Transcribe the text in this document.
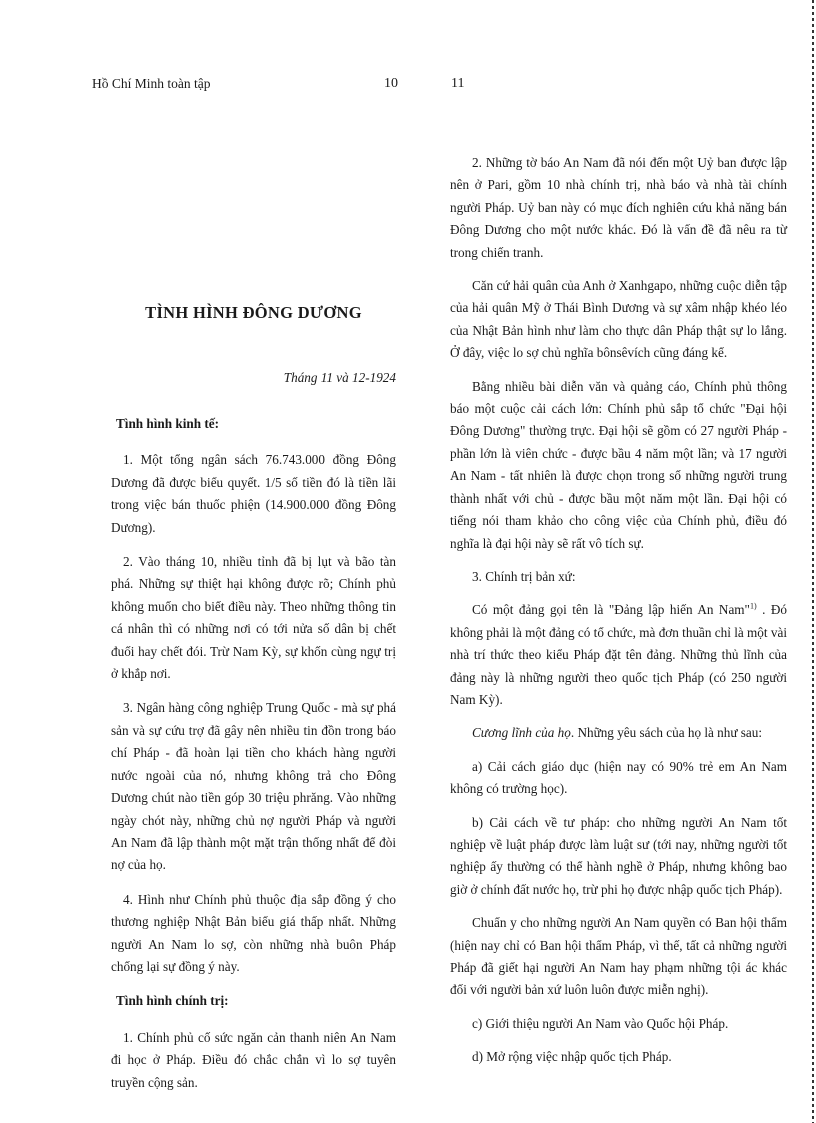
Hồ Chí Minh toàn tập	10	11
TÌNH HÌNH ĐÔNG DƯƠNG
Tháng 11 và 12-1924

Tình hình kinh tế:

1. Một tổng ngân sách 76.743.000 đồng Đông Dương đã được biểu quyết. 1/5 số tiền đó là tiền lãi trong việc bán thuốc phiện (14.900.000 đồng Đông Dương).

2. Vào tháng 10, nhiều tỉnh đã bị lụt và bão tàn phá. Những sự thiệt hại không được rõ; Chính phủ không muốn cho biết điều này. Theo những thông tin cá nhân thì có những nơi có tới nửa số dân bị chết đuối hay chết đói. Trừ Nam Kỳ, sự khốn cùng ngự trị ở khắp nơi.

3. Ngân hàng công nghiệp Trung Quốc - mà sự phá sản và sự cứu trợ đã gây nên nhiều tin đồn trong báo chí Pháp - đã hoàn lại tiền cho khách hàng người nước ngoài của nó, nhưng không trả cho Đông Dương chút nào tiền góp 30 triệu phrăng. Vào những ngày chót này, những chủ nợ người Pháp và người An Nam đã lập thành một mặt trận thống nhất để đòi nợ của họ.

4. Hình như Chính phủ thuộc địa sắp đồng ý cho thương nghiệp Nhật Bản biểu giá thấp nhất. Những người An Nam lo sợ, còn những nhà buôn Pháp chống lại sự đồng ý này.

Tình hình chính trị:

1. Chính phủ cố sức ngăn cản thanh niên An Nam đi học ở Pháp. Điều đó chắc chắn vì lo sợ tuyên truyền cộng sản.

2. Những tờ báo An Nam đã nói đến một Uỷ ban được lập nên ở Pari, gồm 10 nhà chính trị, nhà báo và nhà tài chính người Pháp. Uỷ ban này có mục đích nghiên cứu khả năng bán Đông Dương cho một nước khác. Đó là vấn đề đã nêu ra từ trong chiến tranh.

Căn cứ hải quân của Anh ở Xanhgapo, những cuộc diễn tập của hải quân Mỹ ở Thái Bình Dương và sự xâm nhập khéo léo của Nhật Bản hình như làm cho thực dân Pháp thật sự lo lắng. Ở đây, việc lo sợ chủ nghĩa bônsêvích cũng đáng kể.

Bằng nhiều bài diễn văn và quảng cáo, Chính phủ thông báo một cuộc cải cách lớn: Chính phủ sắp tổ chức "Đại hội Đông Dương" thường trực. Đại hội sẽ gồm có 27 người Pháp - phần lớn là viên chức - được bầu 4 năm một lần; và 17 người An Nam - tất nhiên là được chọn trong số những người trung thành nhất với chủ - được bầu một năm một lần. Đại hội có tiếng nói tham khảo cho công việc của Chính phủ, điều đó nghĩa là đại hội này sẽ rất vô tích sự.

3. Chính trị bản xứ:

Có một đảng gọi tên là "Đảng lập hiến An Nam"$^{1)}$ . Đó không phải là một đảng có tổ chức, mà đơn thuần chỉ là một vài nhà trí thức theo kiểu Pháp đặt tên đảng. Những thủ lĩnh của đảng này là những người theo quốc tịch Pháp (có 250 người Nam Kỳ).

Cương lĩnh của họ. Những yêu sách của họ là như sau:

a) Cải cách giáo dục (hiện nay có 90% trẻ em An Nam không có trường học).

b) Cải cách về tư pháp: cho những người An Nam tốt nghiệp về luật pháp được làm luật sư (tới nay, những người tốt nghiệp ấy thường có thể hành nghề ở Pháp, nhưng không bao giờ ở chính đất nước họ, trừ phi họ được nhập quốc tịch Pháp).

Chuẩn y cho những người An Nam quyền có Ban hội thẩm (hiện nay chỉ có Ban hội thẩm Pháp, vì thế, tất cả những người Pháp đã giết hại người An Nam hay phạm những tội ác khác đối với người bản xứ luôn luôn được miễn nghị).

c) Giới thiệu người An Nam vào Quốc hội Pháp.

d) Mở rộng việc nhập quốc tịch Pháp.
